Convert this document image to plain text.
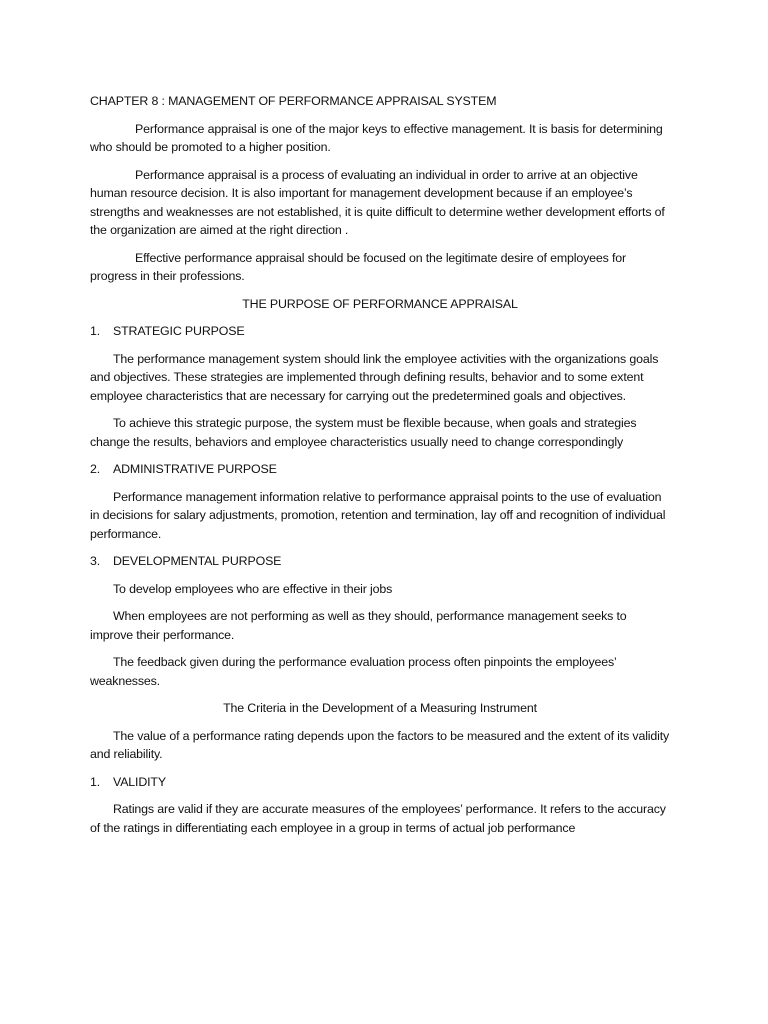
CHAPTER 8 : MANAGEMENT OF PERFORMANCE APPRAISAL SYSTEM

Performance appraisal is one of the major keys to effective management. It is basis for determining who should be promoted to a higher position.

Performance appraisal is a process of evaluating an individual in order to arrive at an objective human resource decision. It is also important for management development because if an employee’s strengths and weaknesses are not established, it is quite difficult to determine wether development efforts of the organization are aimed at the right direction .

Effective performance appraisal should be focused on the legitimate desire of employees for progress in their professions.

THE PURPOSE OF PERFORMANCE APPRAISAL

1.	STRATEGIC PURPOSE

The performance management system should link the employee activities with the organizations goals and objectives. These strategies are implemented through defining results, behavior and to some extent employee characteristics that are necessary for carrying out the predetermined goals and objectives.

To achieve this strategic purpose, the system must be flexible because, when goals and strategies change the results, behaviors and employee characteristics usually need to change correspondingly

2.	ADMINISTRATIVE PURPOSE

Performance management information relative to performance appraisal points to the use of evaluation in decisions for salary adjustments, promotion, retention and termination, lay off and recognition of individual performance.

3.	DEVELOPMENTAL PURPOSE

To develop employees who are effective in their jobs

When employees are not performing as well as they should, performance management seeks to improve their performance.

The feedback given during the performance evaluation process often pinpoints the employees’ weaknesses.

The Criteria in the Development of a Measuring Instrument

The value of a performance rating depends upon the factors to be measured and the extent of its validity and reliability.

1.	VALIDITY

Ratings are valid if they are accurate measures of the employees’ performance. It refers to the accuracy of the ratings in differentiating each employee in a group in terms of actual job performance
